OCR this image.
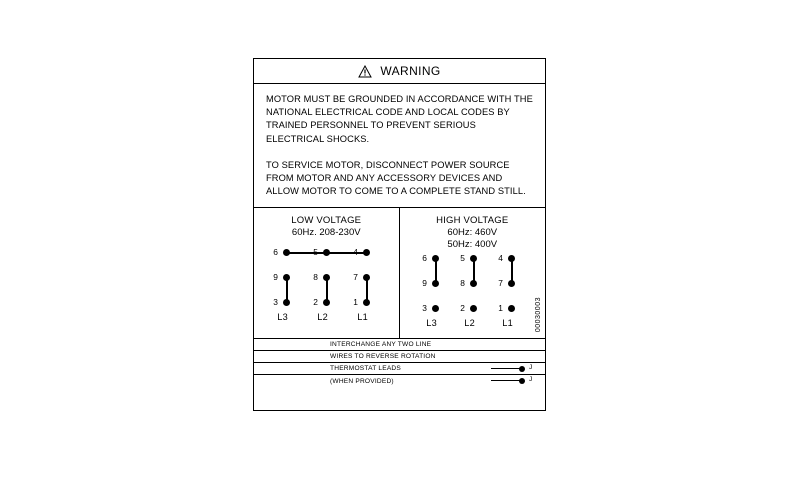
WARNING
MOTOR MUST BE GROUNDED IN ACCORDANCE WITH THE NATIONAL ELECTRICAL CODE AND LOCAL CODES BY TRAINED PERSONNEL TO PREVENT SERIOUS ELECTRICAL SHOCKS.
TO SERVICE MOTOR, DISCONNECT POWER SOURCE FROM MOTOR AND ANY ACCESSORY DEVICES AND ALLOW MOTOR TO COME TO A COMPLETE STAND STILL.
LOW VOLTAGE
60Hz. 208-230V
6	5	4
9	8	7
3	2	1
L3	L2	L1
HIGH VOLTAGE
60Hz: 460V
50Hz: 400V
6	5	4
9	8	7
3	2	1
L3	L2	L1	00030003
INTERCHANGE ANY TWO LINE
WIRES TO REVERSE ROTATION
THERMOSTAT LEADS	J
(WHEN PROVIDED)	J
